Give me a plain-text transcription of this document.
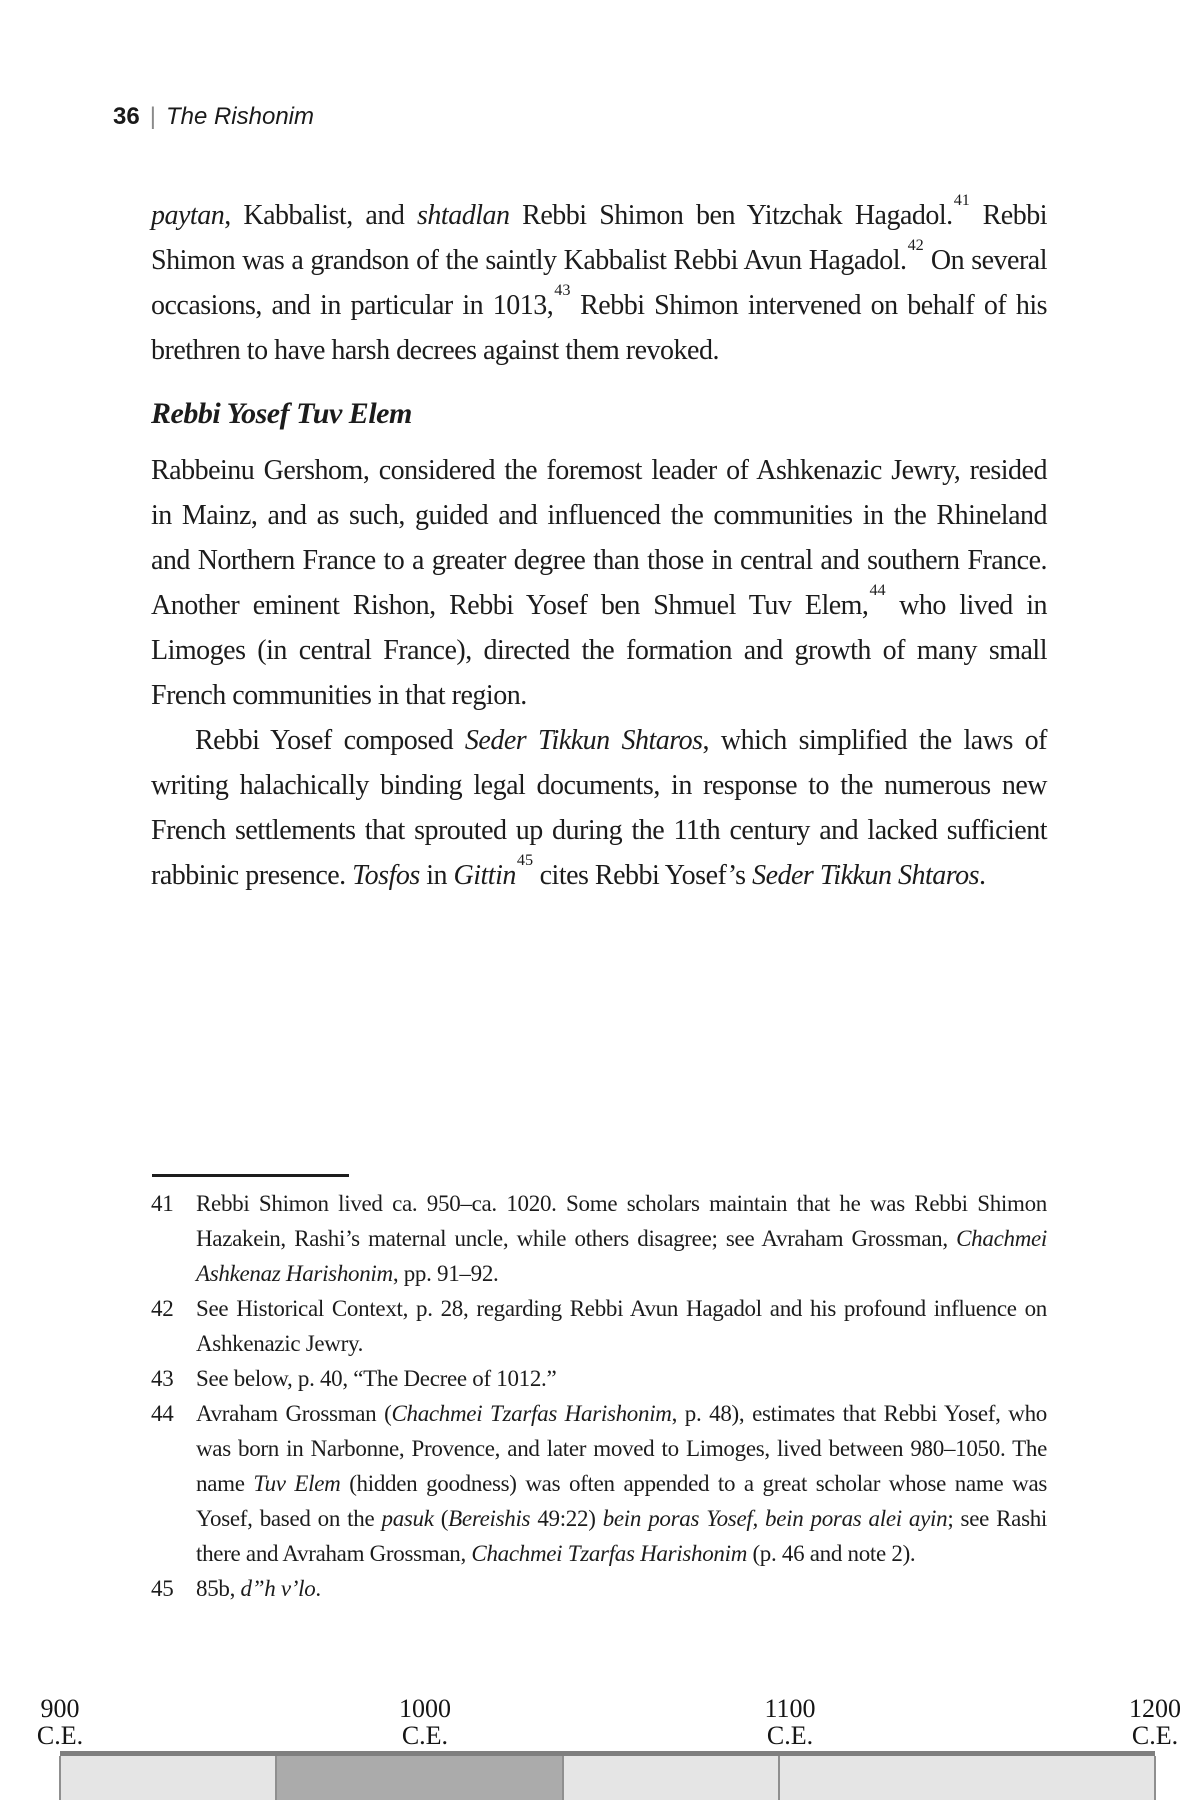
36 | The Rishonim

paytan, Kabbalist, and shtadlan Rebbi Shimon ben Yitzchak Hagadol.$^{41}$ Rebbi Shimon was a grandson of the saintly Kabbalist Rebbi Avun Hagadol.$^{42}$ On several occasions, and in particular in 1013,43 Rebbi Shimon intervened on behalf of his brethren to have harsh decrees against them revoked.

Rebbi Yosef Tuv Elem

Rabbeinu Gershom, considered the foremost leader of Ashkenazic Jewry, resided in Mainz, and as such, guided and influenced the communities in the Rhineland and Northern France to a greater degree than those in central and southern France. Another eminent Rishon, Rebbi Yosef ben Shmuel Tuv Elem,$^{44}$ who lived in Limoges (in central France), directed the formation and growth of many small French communities in that region.

Rebbi Yosef composed Seder Tikkun Shtaros, which simplified the laws of writing halachically binding legal documents, in response to the numerous new French settlements that sprouted up during the 11th century and lacked sufficient rabbinic presence. Tosfos in Gittin$^{45}$ cites Rebbi Yosef’s Seder Tikkun Shtaros.

41 Rebbi Shimon lived ca. 950–ca. 1020. Some scholars maintain that he was Rebbi Shimon Hazakein, Rashi’s maternal uncle, while others disagree; see Avraham Grossman, Chachmei Ashkenaz Harishonim, pp. 91–92.
42 See Historical Context, p. 28, regarding Rebbi Avun Hagadol and his profound influence on Ashkenazic Jewry.
43 See below, p. 40, “The Decree of 1012.”
44 Avraham Grossman (Chachmei Tzarfas Harishonim, p. 48), estimates that Rebbi Yosef, who was born in Narbonne, Provence, and later moved to Limoges, lived between 980–1050. The name Tuv Elem (hidden goodness) was often appended to a great scholar whose name was Yosef, based on the pasuk (Bereishis 49:22) bein poras Yosef, bein poras alei ayin; see Rashi there and Avraham Grossman, Chachmei Tzarfas Harishonim (p. 46 and note 2).
45 85b, d”h v’lo.
900
C.E.
1000
C.E.
1100
C.E.
1200
C.E.
